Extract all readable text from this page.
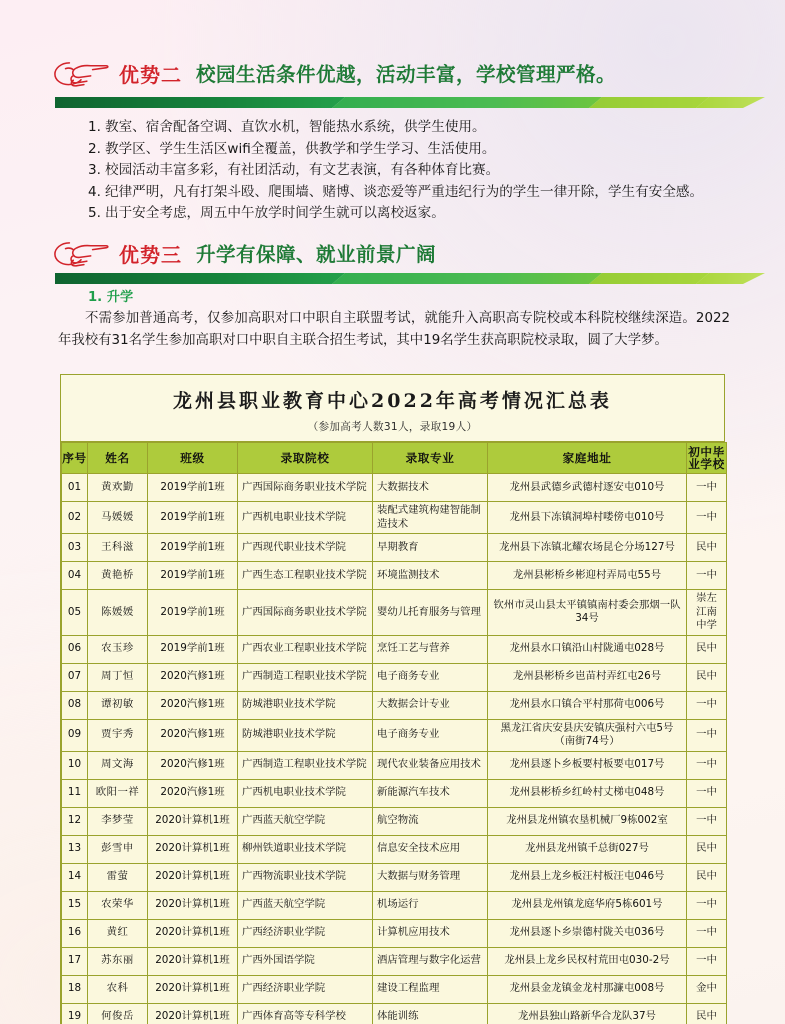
优势二 校园生活条件优越，活动丰富，学校管理严格。
1. 教室、宿舍配备空调、直饮水机，智能热水系统，供学生使用。
2. 教学区、学生生活区wifi全覆盖，供教学和学生学习、生活使用。
3. 校园活动丰富多彩，有社团活动，有文艺表演，有各种体育比赛。
4. 纪律严明，凡有打架斗殴、爬围墙、赌博、谈恋爱等严重违纪行为的学生一律开除，学生有安全感。
5. 出于安全考虑，周五中午放学时间学生就可以离校返家。
优势三 升学有保障、就业前景广阔
1. 升学
不需参加普通高考，仅参加高职对口中职自主联盟考试，就能升入高职高专院校或本科院校继续深造。2022年我校有31名学生参加高职对口中职自主联合招生考试，其中19名学生获高职院校录取，圆了大学梦。
龙州县职业教育中心2022年高考情况汇总表
（参加高考人数31人，录取19人）
序号	姓名	班级	录取院校	录取专业	家庭地址	初中毕业学校
01	黄欢勤	2019学前1班	广西国际商务职业技术学院	大数据技术	龙州县武德乡武德村逐安屯010号	一中
02	马媛媛	2019学前1班	广西机电职业技术学院	装配式建筑构建智能制造技术	龙州县下冻镇洞埠村喽傍屯010号	一中
03	王科滋	2019学前1班	广西现代职业技术学院	早期教育	龙州县下冻镇北耀农场昆仑分场127号	民中
04	黄艳桥	2019学前1班	广西生态工程职业技术学院	环境监测技术	龙州县彬桥乡彬迎村弄局屯55号	一中
05	陈媛媛	2019学前1班	广西国际商务职业技术学院	婴幼儿托育服务与管理	钦州市灵山县太平镇镇南村委会那烟一队34号	崇左江南中学
06	农玉珍	2019学前1班	广西农业工程职业技术学院	烹饪工艺与营养	龙州县水口镇沿山村陇通屯028号	民中
07	周丁恒	2020汽修1班	广西制造工程职业技术学院	电子商务专业	龙州县彬桥乡岜苗村弄红屯26号	民中
08	谭初敏	2020汽修1班	防城港职业技术学院	大数据会计专业	龙州县水口镇合平村那荷屯006号	一中
09	贾宇秀	2020汽修1班	防城港职业技术学院	电子商务专业	黑龙江省庆安县庆安镇庆强村六屯5号（南街74号）	一中
10	周文海	2020汽修1班	广西制造工程职业技术学院	现代农业装备应用技术	龙州县逐卜乡板要村板要屯017号	一中
11	欧阳一祥	2020汽修1班	广西机电职业技术学院	新能源汽车技术	龙州县彬桥乡红岭村丈梯屯048号	一中
12	李梦莹	2020计算机1班	广西蓝天航空学院	航空物流	龙州县龙州镇农垦机械厂9栋002室	一中
13	彭雪申	2020计算机1班	柳州铁道职业技术学院	信息安全技术应用	龙州县龙州镇千总街027号	民中
14	雷萤	2020计算机1班	广西物流职业技术学院	大数据与财务管理	龙州县上龙乡板汪村板汪屯046号	民中
15	农荣华	2020计算机1班	广西蓝天航空学院	机场运行	龙州县龙州镇龙庭华府5栋601号	一中
16	黄红	2020计算机1班	广西经济职业学院	计算机应用技术	龙州县逐卜乡崇德村陇关屯036号	一中
17	苏东丽	2020计算机1班	广西外国语学院	酒店管理与数字化运营	龙州县上龙乡民权村荒田屯030-2号	一中
18	农科	2020计算机1班	广西经济职业学院	建设工程监理	龙州县金龙镇金龙村那濂屯008号	金中
19	何俊岳	2020计算机1班	广西体育高等专科学校	体能训练	龙州县独山路新华合龙队37号	民中
